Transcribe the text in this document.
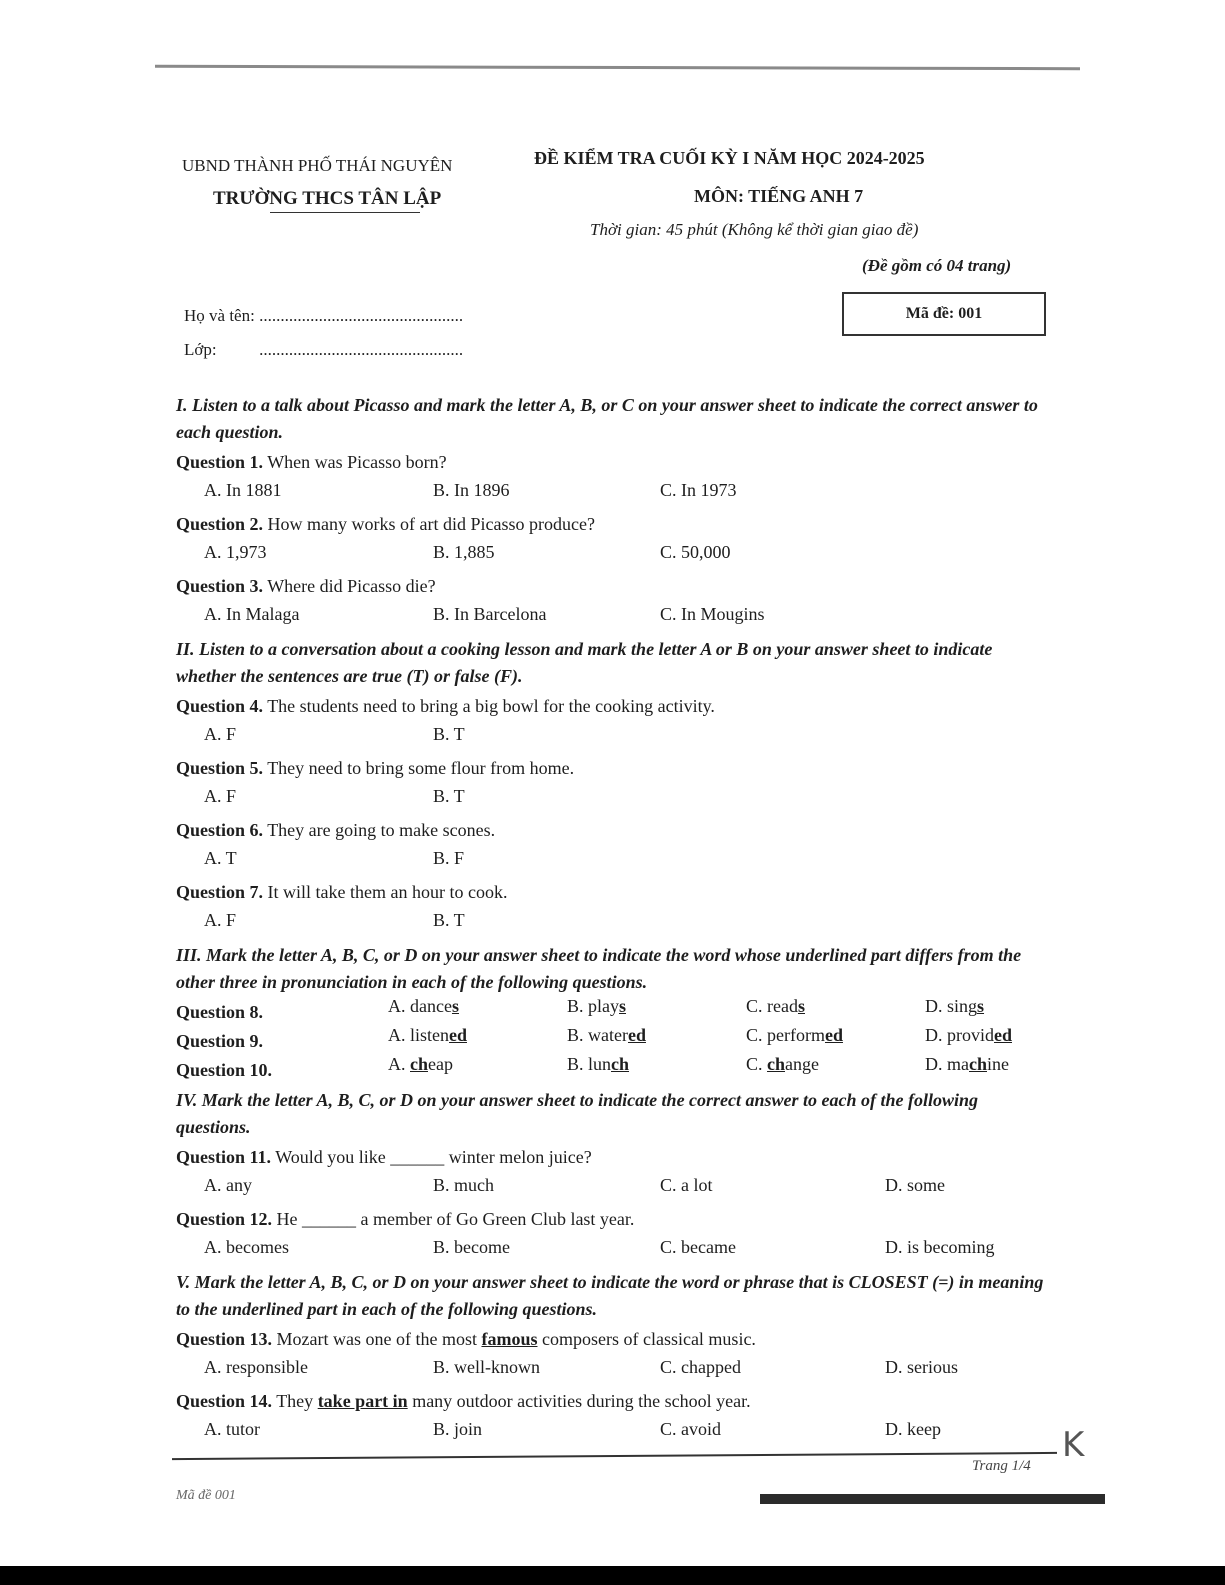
UBND THÀNH PHỐ THÁI NGUYÊN
TRƯỜNG THCS TÂN LẬP
ĐỀ KIỂM TRA CUỐI KỲ I NĂM HỌC 2024-2025
MÔN: TIẾNG ANH 7
Thời gian: 45 phút (Không kể thời gian giao đề)
(Đề gồm có 04 trang)
Họ và tên: ................................................
Lớp:          ................................................
Mã đề: 001
I. Listen to a talk about Picasso and mark the letter A, B, or C on your answer sheet to indicate the correct answer to each question.
Question 1. When was Picasso born?
A. In 1881	B. In 1896	C. In 1973
Question 2. How many works of art did Picasso produce?
A. 1,973	B. 1,885	C. 50,000
Question 3. Where did Picasso die?
A. In Malaga	B. In Barcelona	C. In Mougins
II. Listen to a conversation about a cooking lesson and mark the letter A or B on your answer sheet to indicate whether the sentences are true (T) or false (F).
Question 4. The students need to bring a big bowl for the cooking activity.
A. F	B. T
Question 5. They need to bring some flour from home.
A. F	B. T
Question 6. They are going to make scones.
A. T	B. F
Question 7. It will take them an hour to cook.
A. F	B. T
III. Mark the letter A, B, C, or D on your answer sheet to indicate the word whose underlined part differs from the other three in pronunciation in each of the following questions.
Question 8.	A. dances	B. plays	C. reads	D. sings
Question 9.	A. listened	B. watered	C. performed	D. provided
Question 10.	A. cheap	B. lunch	C. change	D. machine
IV. Mark the letter A, B, C, or D on your answer sheet to indicate the correct answer to each of the following questions.
Question 11. Would you like ______ winter melon juice?
A. any	B. much	C. a lot	D. some
Question 12. He ______ a member of Go Green Club last year.
A. becomes	B. become	C. became	D. is becoming
V. Mark the letter A, B, C, or D on your answer sheet to indicate the word or phrase that is CLOSEST (=) in meaning to the underlined part in each of the following questions.
Question 13. Mozart was one of the most famous composers of classical music.
A. responsible	B. well-known	C. chapped	D. serious
Question 14. They take part in many outdoor activities during the school year.
A. tutor	B. join	C. avoid	D. keep
Trang 1/4
Mã đề 001
K
